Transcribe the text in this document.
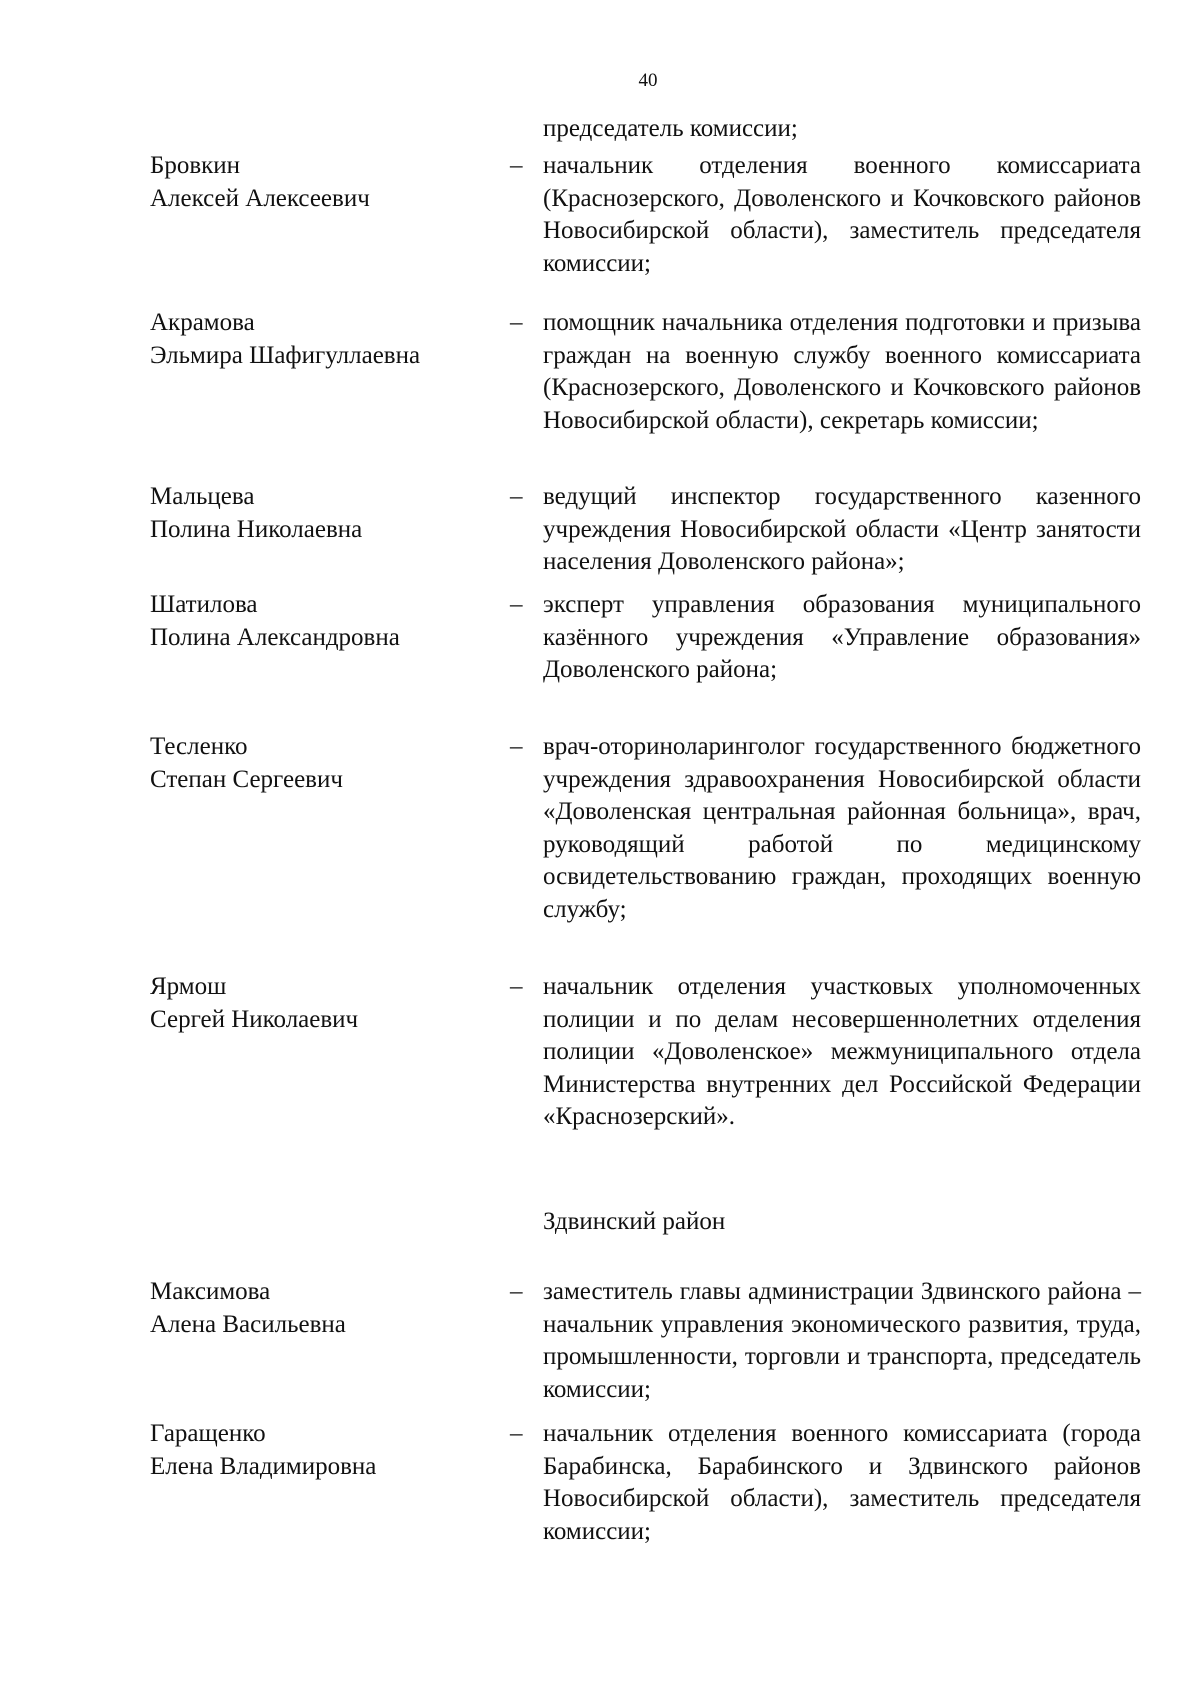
40
председатель комиссии;
Бровкин
Алексей Алексеевич
– начальник отделения военного комиссариата (Краснозерского, Доволенского и Кочковского районов Новосибирской области), заместитель председателя комиссии;
Акрамова
Эльмира Шафигуллаевна
– помощник начальника отделения подготовки и призыва граждан на военную службу военного комиссариата (Краснозерского, Доволенского и Кочковского районов Новосибирской области), секретарь комиссии;
Мальцева
Полина Николаевна
– ведущий инспектор государственного казенного учреждения Новосибирской области «Центр занятости населения Доволенского района»;
Шатилова
Полина Александровна
– эксперт управления образования муниципального казённого учреждения «Управление образования» Доволенского района;
Тесленко
Степан Сергеевич
– врач-оториноларинголог государственного бюджетного учреждения здравоохранения Новосибирской области «Доволенская центральная районная больница», врач, руководящий работой по медицинскому освидетельствованию граждан, проходящих военную службу;
Ярмош
Сергей Николаевич
– начальник отделения участковых уполномоченных полиции и по делам несовершеннолетних отделения полиции «Доволенское» межмуниципального отдела Министерства внутренних дел Российской Федерации «Краснозерский».
Здвинский район
Максимова
Алена Васильевна
– заместитель главы администрации Здвинского района – начальник управления экономического развития, труда, промышленности, торговли и транспорта, председатель комиссии;
Гаращенко
Елена Владимировна
– начальник отделения военного комиссариата (города Барабинска, Барабинского и Здвинского районов Новосибирской области), заместитель председателя комиссии;
